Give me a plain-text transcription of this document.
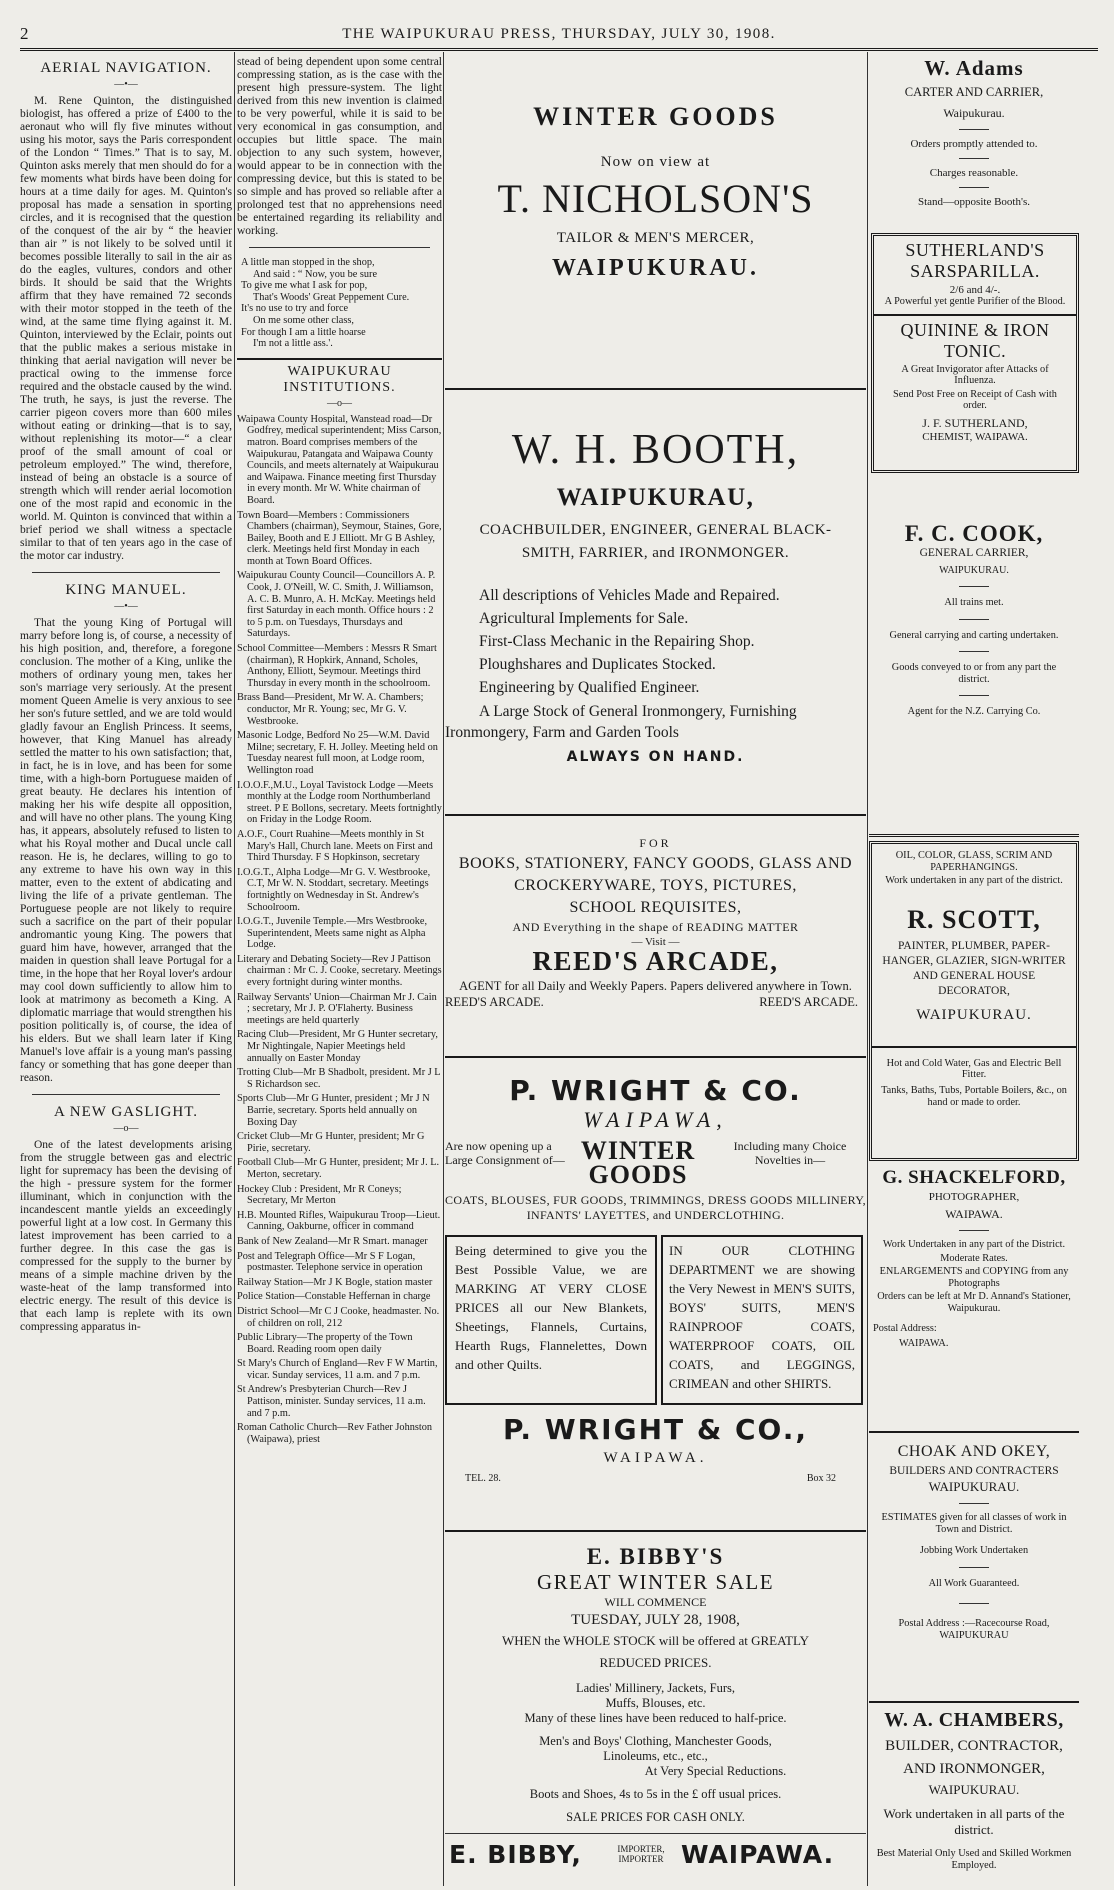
2	THE WAIPUKURAU PRESS, THURSDAY, JULY 30, 1908.
AERIAL NAVIGATION.
—•—

M. Rene Quinton, the distinguished biologist, has offered a prize of £400 to the aeronaut who will fly five minutes without using his motor, says the Paris correspondent of the London “ Times.” That is to say, M. Quinton asks merely that men should do for a few moments what birds have been doing for hours at a time daily for ages. M. Quinton's proposal has made a sensation in sporting circles, and it is recognised that the question of the conquest of the air by “ the heavier than air ” is not likely to be solved until it becomes possible literally to sail in the air as do the eagles, vultures, condors and other birds. It should be said that the Wrights affirm that they have remained 72 seconds with their motor stopped in the teeth of the wind, at the same time flying against it. M. Quinton, interviewed by the Eclair, points out that the public makes a serious mistake in thinking that aerial navigation will never be practical owing to the immense force required and the obstacle caused by the wind. The truth, he says, is just the reverse. The carrier pigeon covers more than 600 miles without eating or drinking—that is to say, without replenishing its motor—“ a clear proof of the small amount of coal or petroleum employed.” The wind, therefore, instead of being an obstacle is a source of strength which will render aerial locomotion one of the most rapid and economic in the world. M. Quinton is convinced that within a brief period we shall witness a spectacle similar to that of ten years ago in the case of the motor car industry.

KING MANUEL.
—•—

That the young King of Portugal will marry before long is, of course, a necessity of his high position, and, therefore, a foregone conclusion. The mother of a King, unlike the mothers of ordinary young men, takes her son's marriage very seriously. At the present moment Queen Amelie is very anxious to see her son's future settled, and we are told would gladly favour an English Princess. It seems, however, that King Manuel has already settled the matter to his own satisfaction; that, in fact, he is in love, and has been for some time, with a high-born Portuguese maiden of great beauty. He declares his intention of making her his wife despite all opposition, and will have no other plans. The young King has, it appears, absolutely refused to listen to what his Royal mother and Ducal uncle call reason. He is, he declares, willing to go to any extreme to have his own way in this matter, even to the extent of abdicating and living the life of a private gentleman. The Portuguese people are not likely to require such a sacrifice on the part of their popular andromantic young King. The powers that guard him have, however, arranged that the maiden in question shall leave Portugal for a time, in the hope that her Royal lover's ardour may cool down sufficiently to allow him to look at matrimony as becometh a King. A diplomatic marriage that would strengthen his position politically is, of course, the idea of his elders. But we shall learn later if King Manuel's love affair is a young man's passing fancy or something that has gone deeper than reason.

A NEW GASLIGHT.
—o—

One of the latest developments arising from the struggle between gas and electric light for supremacy has been the devising of the high - pressure system for the former illuminant, which in conjunction with the incandescent mantle yields an exceedingly powerful light at a low cost. In Germany this latest improvement has been carried to a further degree. In this case the gas is compressed for the supply to the burner by means of a simple machine driven by the waste-heat of the lamp transformed into electric energy. The result of this device is that each lamp is replete with its own compressing apparatus in-

stead of being dependent upon some central compressing station, as is the case with the present high pressure-system. The light derived from this new invention is claimed to be very powerful, while it is said to be very economical in gas consumption, and occupies but little space. The main objection to any such system, however, would appear to be in connection with the compressing device, but this is stated to be so simple and has proved so reliable after a prolonged test that no apprehensions need be entertained regarding its reliability and working.

A little man stopped in the shop,
And said : “ Now, you be sure
To give me what I ask for pop,
That's Woods' Great Peppement Cure.
It's no use to try and force
On me some other class,
For though I am a little hoarse
I'm not a little ass.'.
WAIPUKURAU INSTITUTIONS.
—o—
Waipawa County Hospital, Wanstead road—Dr Godfrey, medical superintendent; Miss Carson, matron. Board comprises members of the Waipukurau, Patangata and Waipawa County Councils, and meets alternately at Waipukurau and Waipawa. Finance meeting first Thursday in every month. Mr W. White chairman of Board.
Town Board—Members : Commissioners Chambers (chairman), Seymour, Staines, Gore, Bailey, Booth and E J Elliott. Mr G B Ashley, clerk. Meetings held first Monday in each month at Town Board Offices.
Waipukurau County Council—Councillors A. P. Cook, J. O'Neill, W. C. Smith, J. Williamson, A. C. B. Munro, A. H. McKay. Meetings held first Saturday in each month. Office hours : 2 to 5 p.m. on Tuesdays, Thursdays and Saturdays.
School Committee—Members : Messrs R Smart (chairman), R Hopkirk, Annand, Scholes, Anthony, Elliott, Seymour. Meetings third Thursday in every month in the schoolroom.
Brass Band—President, Mr W. A. Chambers; conductor, Mr R. Young; sec, Mr G. V. Westbrooke.
Masonic Lodge, Bedford No 25—W.M. David Milne; secretary, F. H. Jolley. Meeting held on Tuesday nearest full moon, at Lodge room, Wellington road
I.O.O.F.,M.U., Loyal Tavistock Lodge —Meets monthly at the Lodge room Northumberland street. P E Bollons, secretary. Meets fortnightly on Friday in the Lodge Room.
A.O.F., Court Ruahine—Meets monthly in St Mary's Hall, Church lane. Meets on First and Third Thursday. F S Hopkinson, secretary
I.O.G.T., Alpha Lodge—Mr G. V. Westbrooke, C.T, Mr W. N. Stoddart, secretary. Meetings fortnightly on Wednesday in St. Andrew's Schoolroom.
I.O.G.T., Juvenile Temple.—Mrs Westbrooke, Superintendent, Meets same night as Alpha Lodge.
Literary and Debating Society—Rev J Pattison chairman : Mr C. J. Cooke, secretary. Meetings every fortnight during winter months.
Railway Servants' Union—Chairman Mr J. Cain ; secretary, Mr J. P. O'Flaherty. Business meetings are held quarterly
Racing Club—President, Mr G Hunter secretary, Mr Nightingale, Napier Meetings held annually on Easter Monday
Trotting Club—Mr B Shadbolt, president. Mr J L S Richardson sec.
Sports Club—Mr G Hunter, president ; Mr J N Barrie, secretary. Sports held annually on Boxing Day
Cricket Club—Mr G Hunter, president; Mr G Pirie, secretary.
Football Club—Mr G Hunter, president; Mr J. L. Merton, secretary.
Hockey Club : President, Mr R Coneys; Secretary, Mr Merton
H.B. Mounted Rifles, Waipukurau Troop—Lieut. Canning, Oakburne, officer in command
Bank of New Zealand—Mr R Smart. manager
Post and Telegraph Office—Mr S F Logan, postmaster. Telephone service in operation
Railway Station—Mr J K Bogle, station master
Police Station—Constable Heffernan in charge
District School—Mr C J Cooke, headmaster. No. of children on roll, 212
Public Library—The property of the Town Board. Reading room open daily
St Mary's Church of England—Rev F W Martin, vicar. Sunday services, 11 a.m. and 7 p.m.
St Andrew's Presbyterian Church—Rev J Pattison, minister. Sunday services, 11 a.m. and 7 p.m.
Roman Catholic Church—Rev Father Johnston (Waipawa), priest
WINTER GOODS
Now on view at
T. NICHOLSON'S
TAILOR & MEN'S MERCER,
WAIPUKURAU.
W. H. BOOTH,
WAIPUKURAU,
COACHBUILDER, ENGINEER, GENERAL BLACK-
SMITH, FARRIER, and IRONMONGER.
All descriptions of Vehicles Made and Repaired.
Agricultural Implements for Sale.
First-Class Mechanic in the Repairing Shop.
Ploughshares and Duplicates Stocked.
Engineering by Qualified Engineer.
A Large Stock of General Ironmongery, Furnishing Ironmongery, Farm and Garden Tools
ALWAYS ON HAND.
FOR
BOOKS, STATIONERY, FANCY GOODS, GLASS AND
CROCKERYWARE, TOYS, PICTURES,
SCHOOL REQUISITES,
AND Everything in the shape of READING MATTER
— Visit —
REED'S ARCADE,
AGENT for all Daily and Weekly Papers. Papers delivered anywhere in Town.
REED'S ARCADE.	REED'S ARCADE.
P. WRIGHT & CO.
WAIPAWA,
Are now opening up a Large Consignment of— WINTER GOODS
Including many Choice Novelties in—
COATS, BLOUSES, FUR GOODS, TRIMMINGS, DRESS GOODS MILLINERY, INFANTS' LAYETTES, and UNDERCLOTHING.
Being determined to give you the Best Possible Value, we are MARKING AT VERY CLOSE PRICES all our New Blankets, Sheetings, Flannels, Curtains, Hearth Rugs, Flannelettes, Down and other Quilts.
IN OUR CLOTHING DEPARTMENT we are showing the Very Newest in MEN'S SUITS, BOYS' SUITS, MEN'S RAINPROOF COATS, WATERPROOF COATS, OIL COATS, and LEGGINGS, CRIMEAN and other SHIRTS.
P. WRIGHT & CO.,
WAIPAWA.
TEL. 28.	Box 32
E. BIBBY'S
GREAT WINTER SALE
WILL COMMENCE
TUESDAY, JULY 28, 1908,
WHEN the WHOLE STOCK will be offered at GREATLY
REDUCED PRICES.
Ladies' Millinery, Jackets, Furs,
Muffs, Blouses, etc.
Many of these lines have been reduced to half-price.
Men's and Boys' Clothing, Manchester Goods,
Linoleums, etc., etc.,
At Very Special Reductions.
Boots and Shoes, 4s to 5s in the £ off usual prices.
SALE PRICES FOR CASH ONLY.
E. BIBBY,	IMPORTER, IMPORTER WAIPAWA.
W. Adams
CARTER AND CARRIER,
Waipukurau.
Orders promptly attended to.
Charges reasonable.
Stand—opposite Booth's.
SUTHERLAND'S
SARSPARILLA.
2/6 and 4/-.
A Powerful yet gentle Purifier of the Blood.
QUININE & IRON
TONIC.
A Great Invigorator after Attacks of Influenza.
Send Post Free on Receipt of Cash with order.
J. F. SUTHERLAND,
CHEMIST, WAIPAWA.
F. C. COOK,
GENERAL CARRIER,
WAIPUKURAU.
All trains met.
General carrying and carting undertaken.
Goods conveyed to or from any part the district.
Agent for the N.Z. Carrying Co.
OIL, COLOR, GLASS, SCRIM AND PAPERHANGINGS.
Work undertaken in any part of the district.
R. SCOTT,
PAINTER, PLUMBER, PAPER-HANGER, GLAZIER, SIGN-WRITER AND GENERAL HOUSE DECORATOR,
WAIPUKURAU.
Hot and Cold Water, Gas and Electric Bell Fitter.
Tanks, Baths, Tubs, Portable Boilers, &c., on hand or made to order.
G. SHACKELFORD,
PHOTOGRAPHER,
WAIPAWA.
Work Undertaken in any part of the District.
Moderate Rates.
ENLARGEMENTS and COPYING from any Photographs
Orders can be left at Mr D. Annand's Stationer, Waipukurau.
Postal Address:
WAIPAWA.
CHOAK AND OKEY,
BUILDERS AND CONTRACTERS
WAIPUKURAU.
ESTIMATES given for all classes of work in Town and District.
Jobbing Work Undertaken
All Work Guaranteed.
Postal Address :—Racecourse Road, WAIPUKURAU
W. A. CHAMBERS,
BUILDER, CONTRACTOR,
AND IRONMONGER,
WAIPUKURAU.
Work undertaken in all parts of the district.
Best Material Only Used and Skilled Workmen Employed.
